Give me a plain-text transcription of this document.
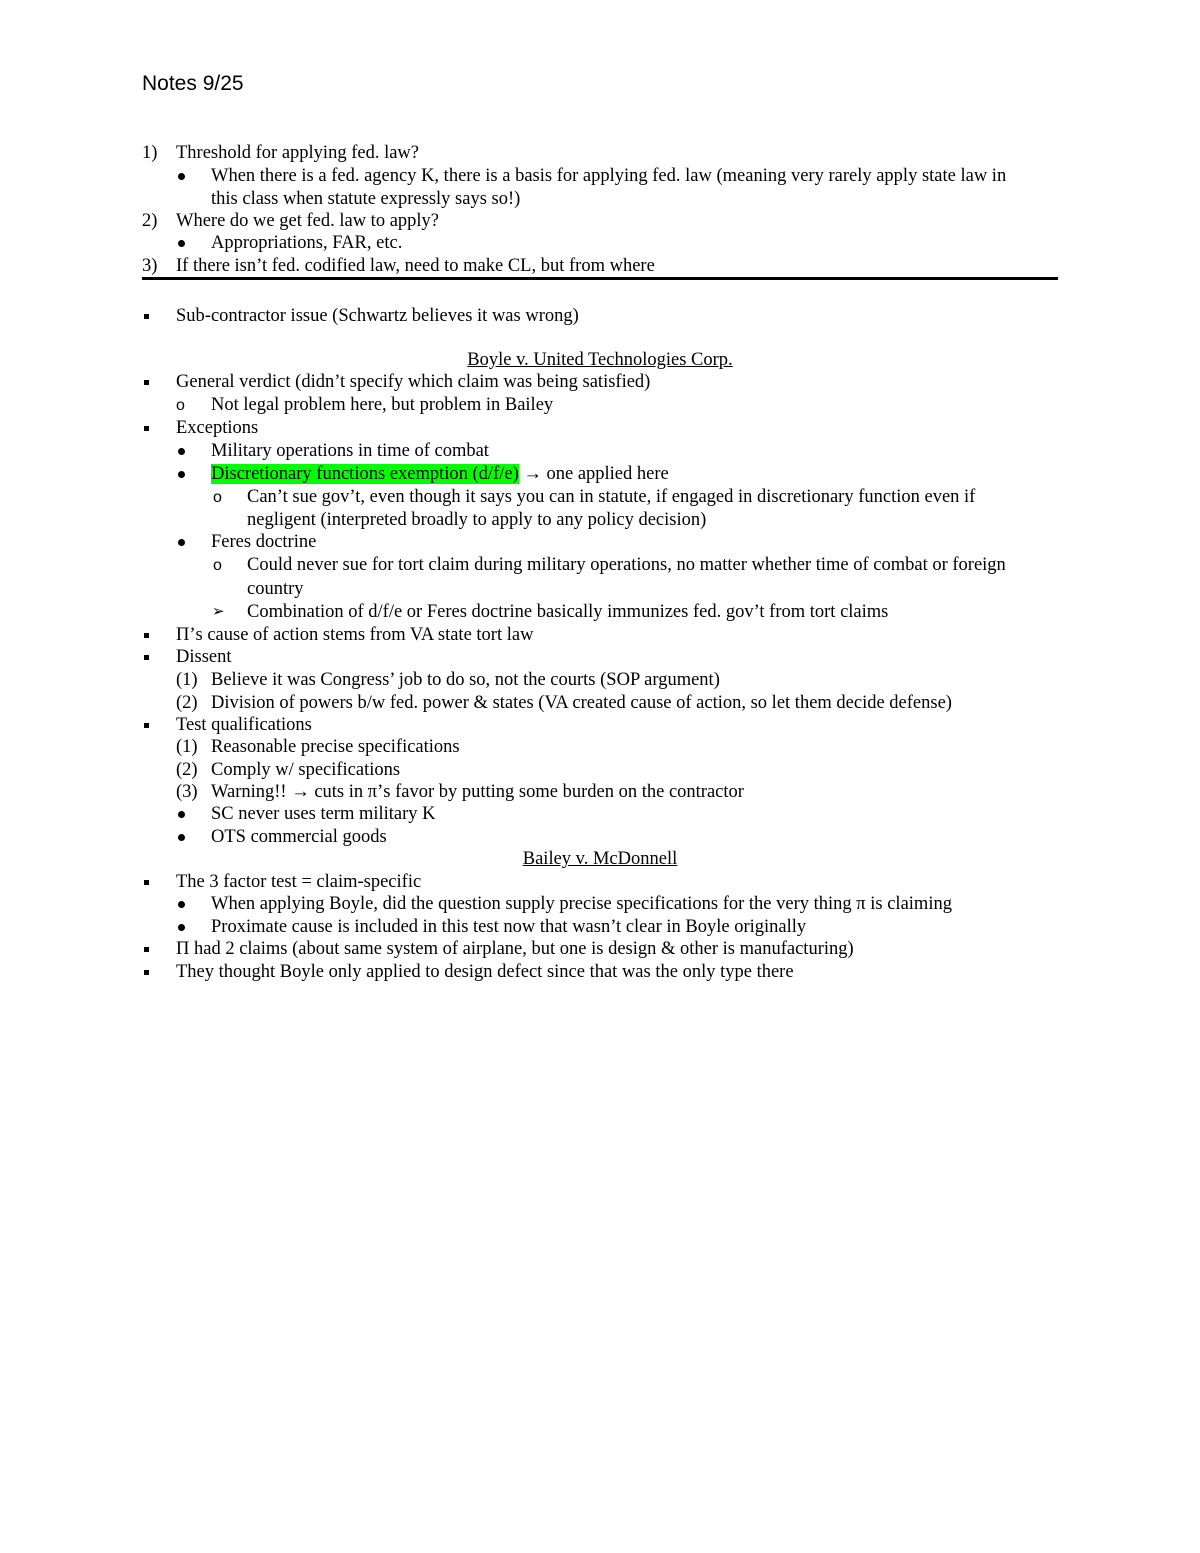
Notes 9/25
1) Threshold for applying fed. law?
When there is a fed. agency K, there is a basis for applying fed. law (meaning very rarely apply state law in
this class when statute expressly says so!)
2) Where do we get fed. law to apply?
Appropriations, FAR, etc.
3) If there isn’t fed. codified law, need to make CL, but from where
Sub-contractor issue (Schwartz believes it was wrong)
Boyle v. United Technologies Corp.
General verdict (didn’t specify which claim was being satisfied)
o Not legal problem here, but problem in Bailey
Exceptions
Military operations in time of combat
Discretionary functions exemption (d/f/e) → one applied here
o Can’t sue gov’t, even though it says you can in statute, if engaged in discretionary function even if
negligent (interpreted broadly to apply to any policy decision)
Feres doctrine
o Could never sue for tort claim during military operations, no matter whether time of combat or foreign
country
➢ Combination of d/f/e or Feres doctrine basically immunizes fed. gov’t from tort claims
Π’s cause of action stems from VA state tort law
Dissent
(1) Believe it was Congress’ job to do so, not the courts (SOP argument)
(2) Division of powers b/w fed. power & states (VA created cause of action, so let them decide defense)
Test qualifications
(1) Reasonable precise specifications
(2) Comply w/ specifications
(3) Warning!! → cuts in π’s favor by putting some burden on the contractor
SC never uses term military K
OTS commercial goods
Bailey v. McDonnell
The 3 factor test = claim-specific
When applying Boyle, did the question supply precise specifications for the very thing π is claiming
Proximate cause is included in this test now that wasn’t clear in Boyle originally
Π had 2 claims (about same system of airplane, but one is design & other is manufacturing)
They thought Boyle only applied to design defect since that was the only type there
